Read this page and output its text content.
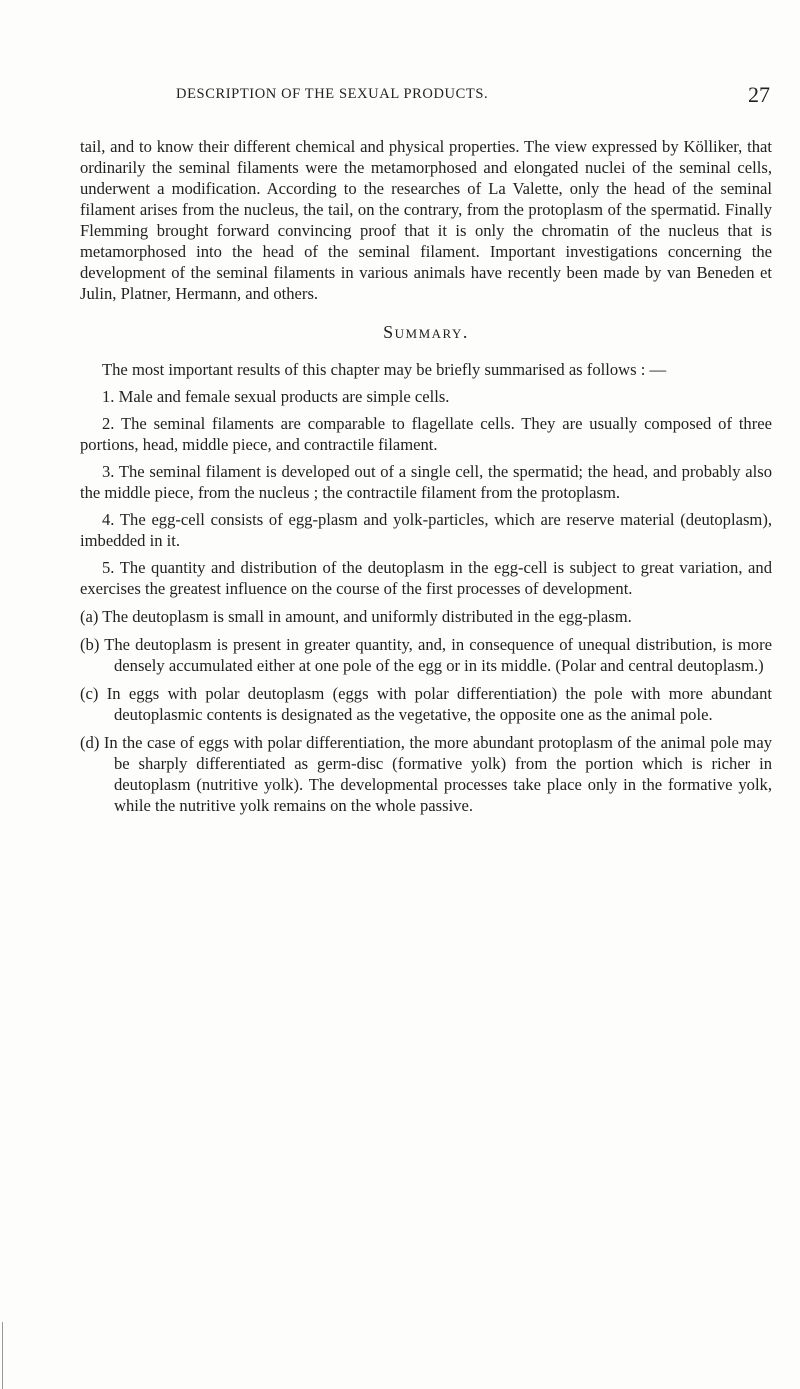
DESCRIPTION OF THE SEXUAL PRODUCTS.	27

tail, and to know their different chemical and physical properties. The view expressed by Kölliker, that ordinarily the seminal filaments were the metamorphosed and elongated nuclei of the seminal cells, underwent a modification. According to the researches of La Valette, only the head of the seminal filament arises from the nucleus, the tail, on the contrary, from the protoplasm of the spermatid. Finally Flemming brought forward convincing proof that it is only the chromatin of the nucleus that is metamorphosed into the head of the seminal filament. Important investigations concerning the development of the seminal filaments in various animals have recently been made by van Beneden et Julin, Platner, Hermann, and others.

Summary.

The most important results of this chapter may be briefly summarised as follows : —

1. Male and female sexual products are simple cells.

2. The seminal filaments are comparable to flagellate cells. They are usually composed of three portions, head, middle piece, and contractile filament.

3. The seminal filament is developed out of a single cell, the spermatid; the head, and probably also the middle piece, from the nucleus ; the contractile filament from the protoplasm.

4. The egg-cell consists of egg-plasm and yolk-particles, which are reserve material (deutoplasm), imbedded in it.

5. The quantity and distribution of the deutoplasm in the egg-cell is subject to great variation, and exercises the greatest influence on the course of the first processes of development.

(a) The deutoplasm is small in amount, and uniformly distributed in the egg-plasm.

(b) The deutoplasm is present in greater quantity, and, in consequence of unequal distribution, is more densely accumulated either at one pole of the egg or in its middle. (Polar and central deutoplasm.)

(c) In eggs with polar deutoplasm (eggs with polar differentiation) the pole with more abundant deutoplasmic contents is designated as the vegetative, the opposite one as the animal pole.

(d) In the case of eggs with polar differentiation, the more abundant protoplasm of the animal pole may be sharply differentiated as germ-disc (formative yolk) from the portion which is richer in deutoplasm (nutritive yolk). The developmental processes take place only in the formative yolk, while the nutritive yolk remains on the whole passive.
